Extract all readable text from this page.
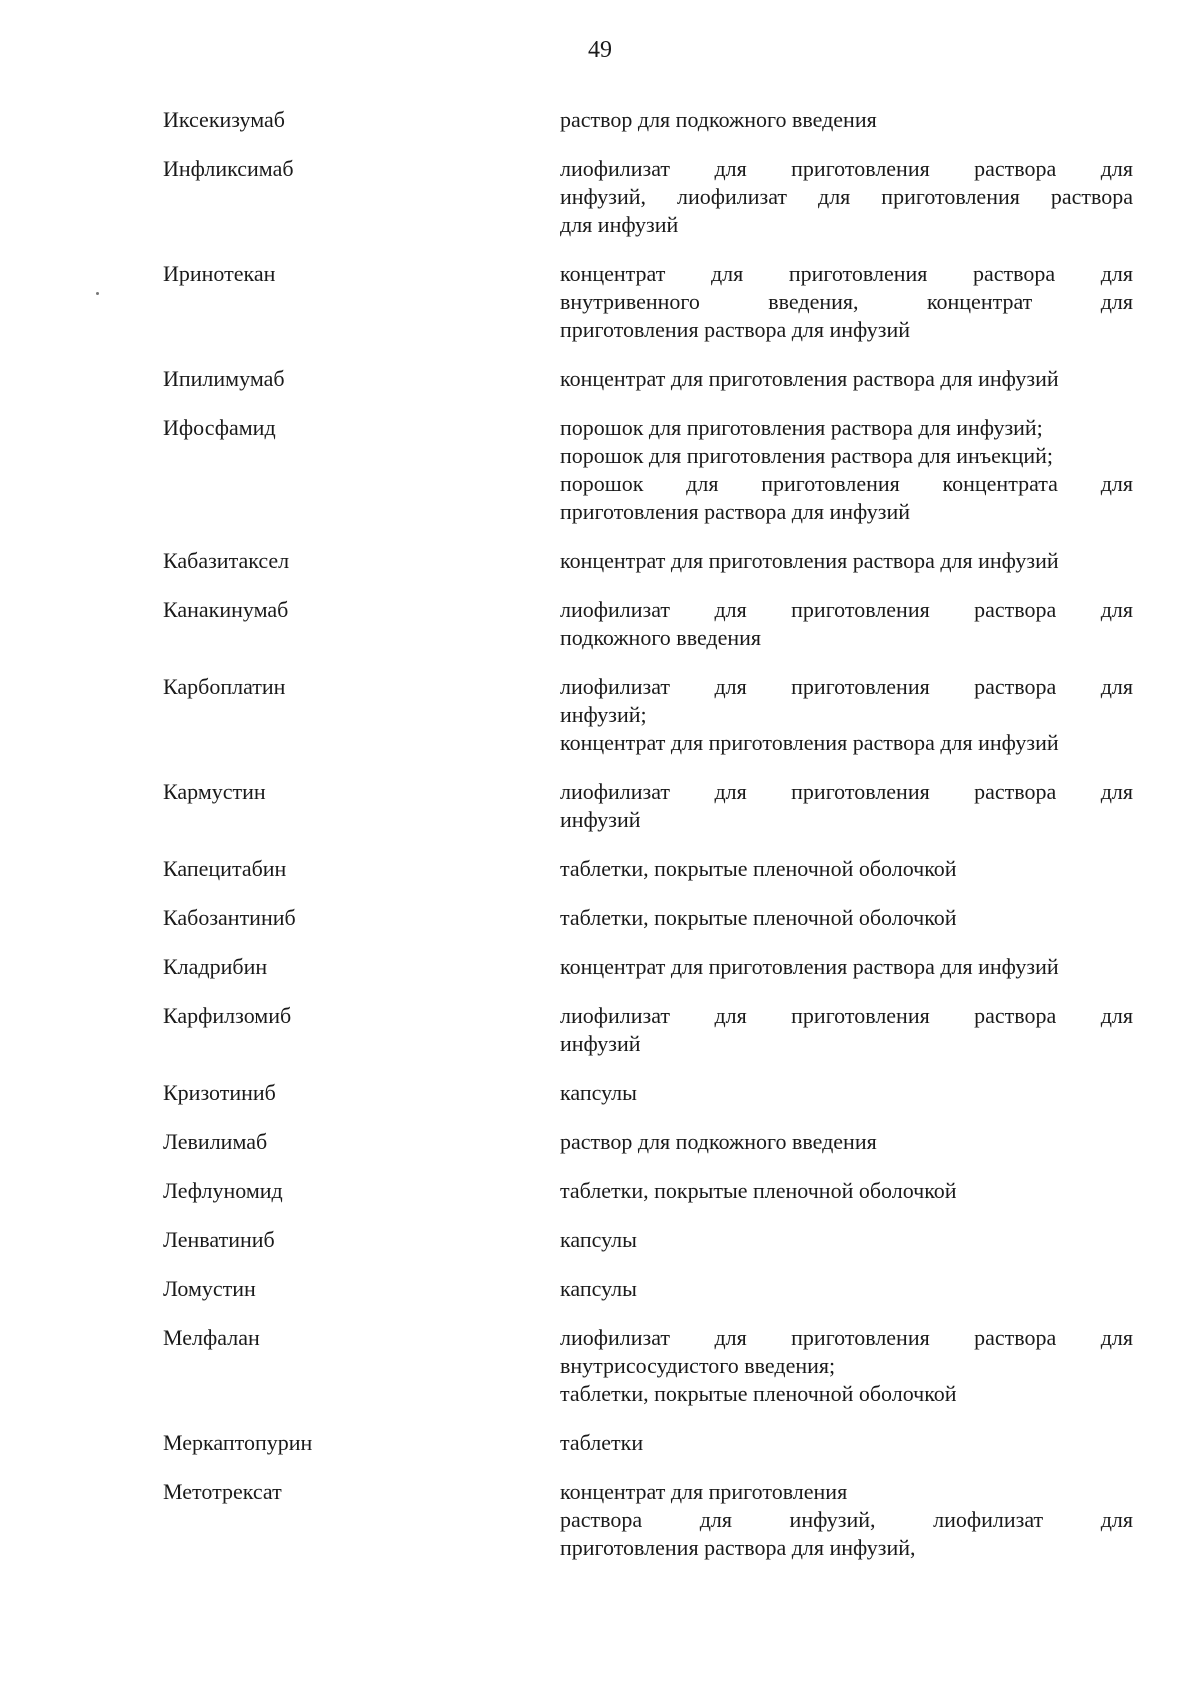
49
Иксекизумаб	раствор для подкожного введения
Инфликсимаб	лиофилизат для приготовления раствора для
инфузий, лиофилизат для приготовления раствора
для инфузий
Иринотекан	концентрат для приготовления раствора для
внутривенного введения, концентрат для
приготовления раствора для инфузий
Ипилимумаб	концентрат для приготовления раствора для инфузий
Ифосфамид	порошок для приготовления раствора для инфузий;
порошок для приготовления раствора для инъекций;
порошок для приготовления концентрата для
приготовления раствора для инфузий
Кабазитаксел	концентрат для приготовления раствора для инфузий
Канакинумаб	лиофилизат для приготовления раствора для
подкожного введения
Карбоплатин	лиофилизат для приготовления раствора для
инфузий;
концентрат для приготовления раствора для инфузий
Кармустин	лиофилизат для приготовления раствора для
инфузий
Капецитабин	таблетки, покрытые пленочной оболочкой
Кабозантиниб	таблетки, покрытые пленочной оболочкой
Кладрибин	концентрат для приготовления раствора для инфузий
Карфилзомиб	лиофилизат для приготовления раствора для
инфузий
Кризотиниб	капсулы
Левилимаб	раствор для подкожного введения
Лефлуномид	таблетки, покрытые пленочной оболочкой
Ленватиниб	капсулы
Ломустин	капсулы
Мелфалан	лиофилизат для приготовления раствора для
внутрисосудистого введения;
таблетки, покрытые пленочной оболочкой
Меркаптопурин	таблетки
Метотрексат	концентрат для приготовления
раствора для инфузий, лиофилизат для
приготовления раствора для инфузий,
